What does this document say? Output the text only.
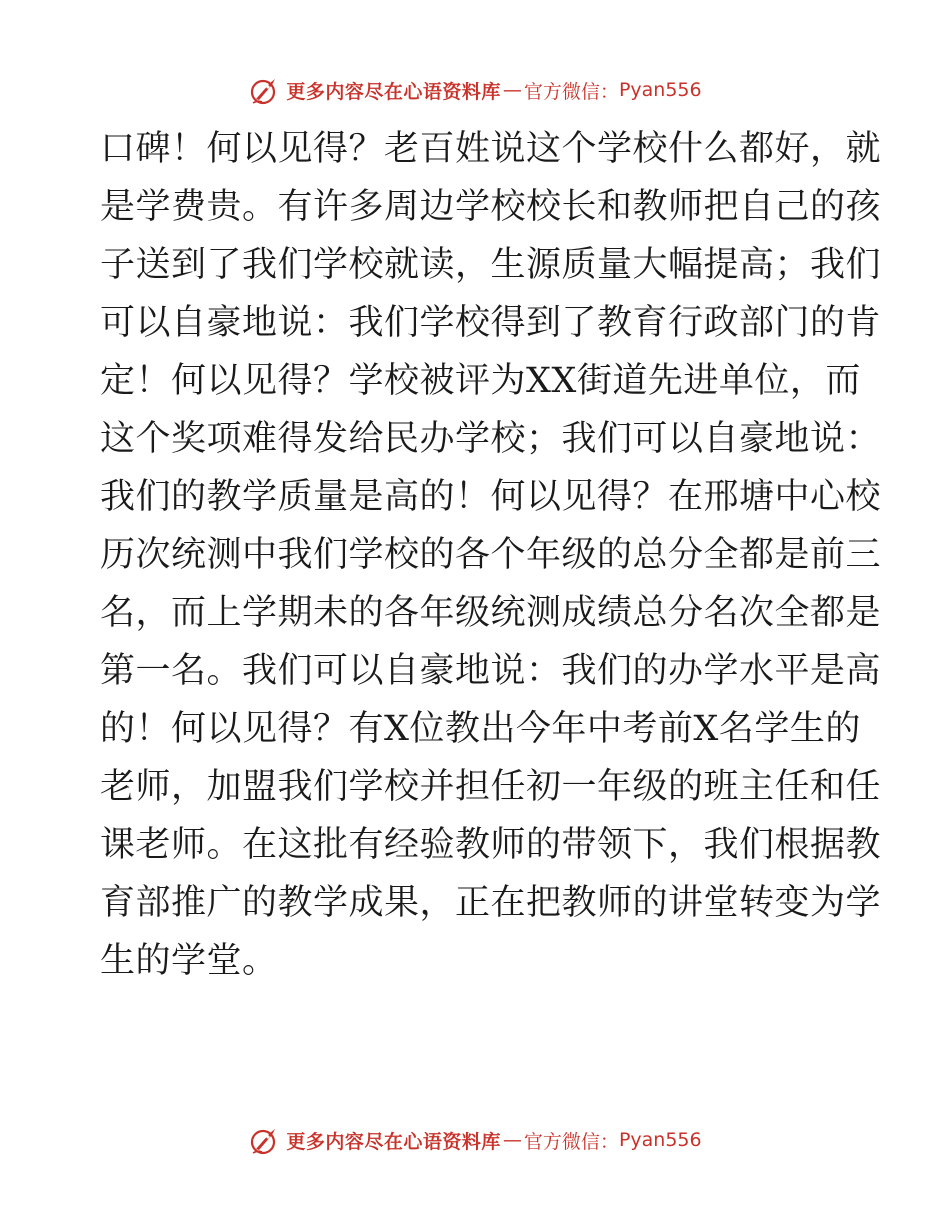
更多内容尽在心语资料库 — 官方微信： Pyan556
口碑！何以见得？老百姓说这个学校什么都好，就
是学费贵。有许多周边学校校长和教师把自己的孩
子送到了我们学校就读，生源质量大幅提高；我们
可以自豪地说：我们学校得到了教育行政部门的肯
定！何以见得？学校被评为XX街道先进单位，而
这个奖项难得发给民办学校；我们可以自豪地说：
我们的教学质量是高的！何以见得？在邢塘中心校
历次统测中我们学校的各个年级的总分全都是前三
名，而上学期未的各年级统测成绩总分名次全都是
第一名。我们可以自豪地说：我们的办学水平是高
的！何以见得？有X位教出今年中考前X名学生的
老师，加盟我们学校并担任初一年级的班主任和任
课老师。在这批有经验教师的带领下，我们根据教
育部推广的教学成果，正在把教师的讲堂转变为学
生的学堂。
更多内容尽在心语资料库 — 官方微信： Pyan556
